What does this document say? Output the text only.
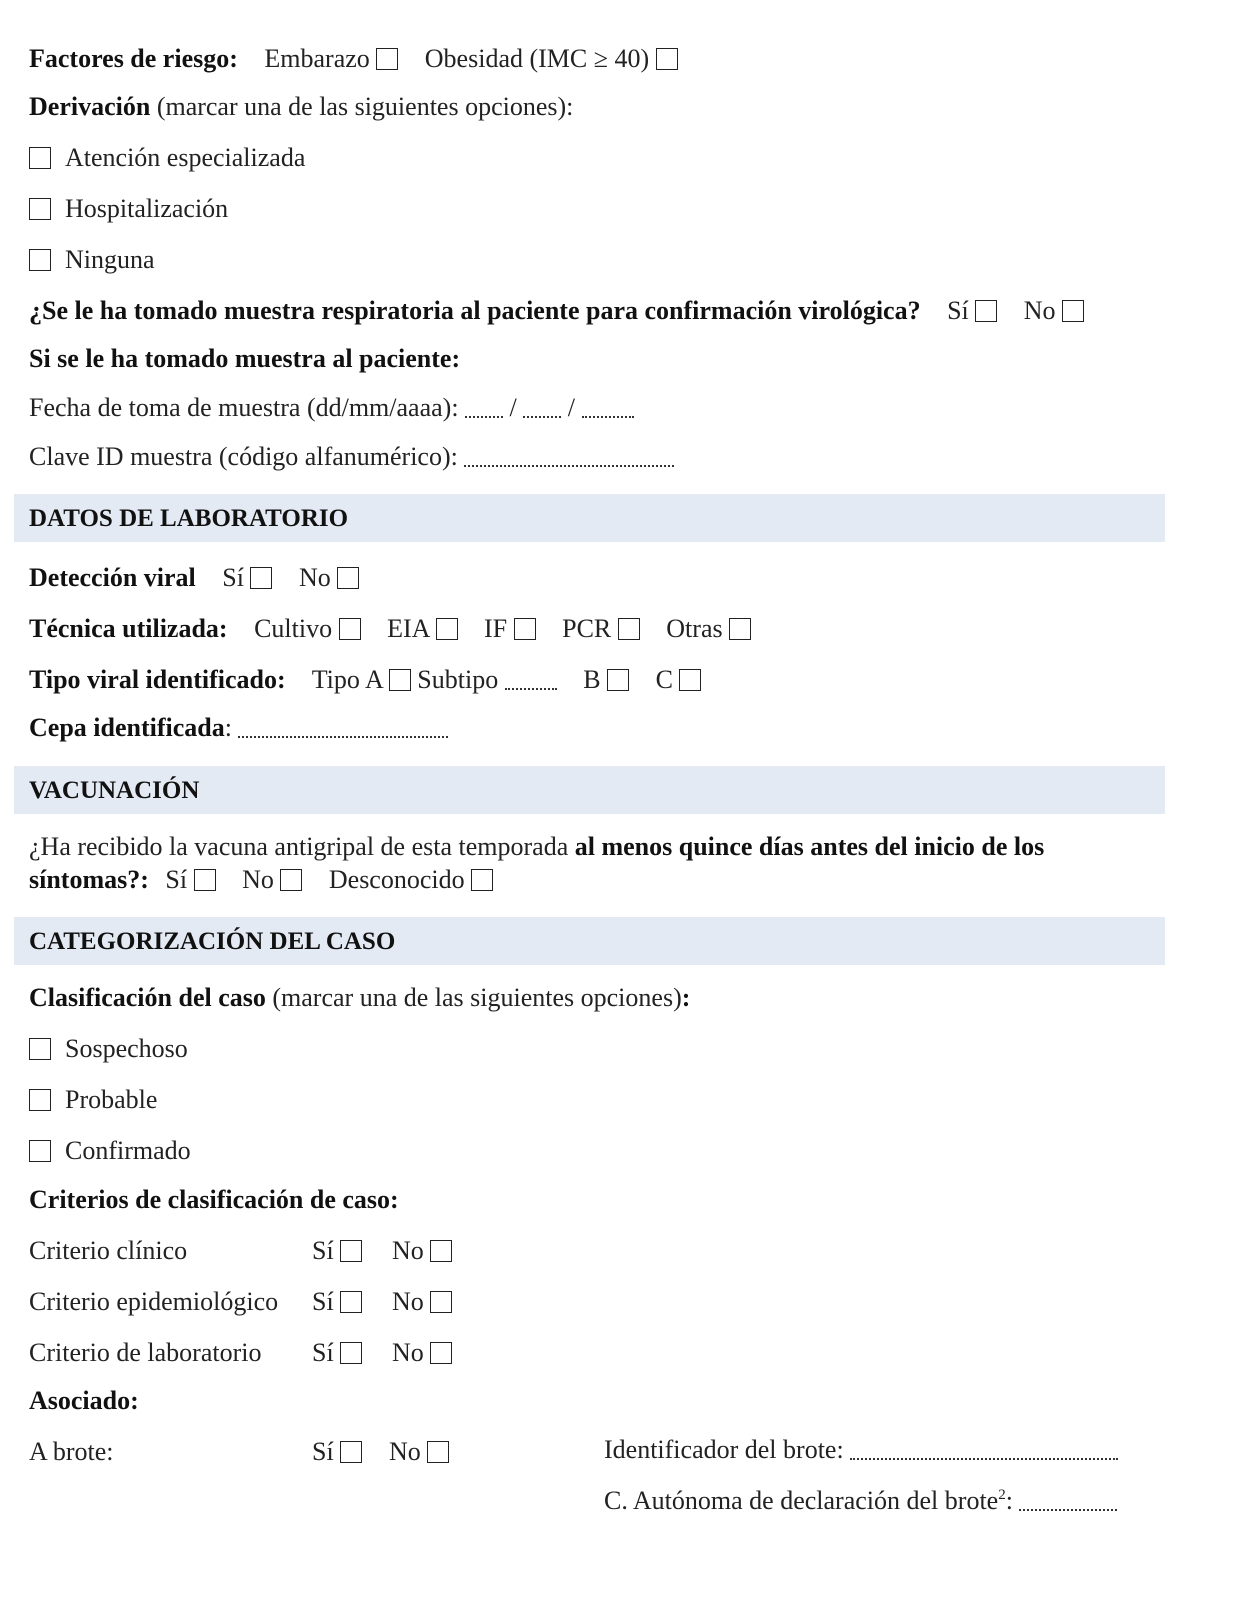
Factores de riesgo: Embarazo Obesidad (IMC ≥ 40)
Derivación (marcar una de las siguientes opciones):
Atención especializada
Hospitalización
Ninguna
¿Se le ha tomado muestra respiratoria al paciente para confirmación virológica? Sí No
Si se le ha tomado muestra al paciente:
Fecha de toma de muestra (dd/mm/aaaa): / /
Clave ID muestra (código alfanumérico):
DATOS DE LABORATORIO
Detección viral Sí No
Técnica utilizada: Cultivo EIA IF PCR Otras
Tipo viral identificado: Tipo A Subtipo	B C
Cepa identificada:
VACUNACIÓN
¿Ha recibido la vacuna antigripal de esta temporada al menos quince días antes del inicio de los
síntomas?: Sí No Desconocido
CATEGORIZACIÓN DEL CASO
Clasificación del caso (marcar una de las siguientes opciones):
Sospechoso
Probable
Confirmado
Criterios de clasificación de caso:
Criterio clínico	Sí	No
Criterio epidemiológico Sí	No
Criterio de laboratorio Sí	No
Asociado:
A brote:	Sí	No	Identificador del brote:
C. Autónoma de declaración del brote$^2$:
